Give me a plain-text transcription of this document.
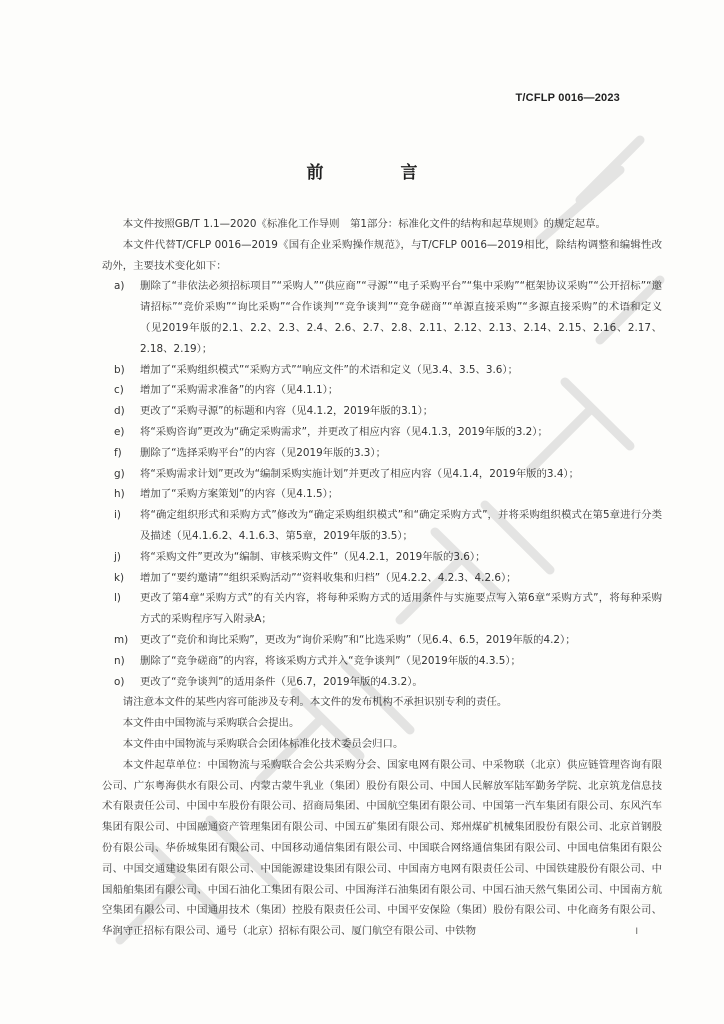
T/CFLP 0016—2023
前　言

本文件按照GB/T 1.1—2020《标准化工作导则　第1部分：标准化文件的结构和起草规则》的规定起草。

本文件代替T/CFLP 0016—2019《国有企业采购操作规范》，与T/CFLP 0016—2019相比，除结构调整和编辑性改动外，主要技术变化如下：

a)	删除了“非依法必须招标项目”“采购人”“供应商”“寻源”“电子采购平台”“集中采购”“框架协议采购”“公开招标”“邀请招标”“竞价采购”“询比采购”“合作谈判”“竞争谈判”“竞争磋商”“单源直接采购”“多源直接采购”的术语和定义（见2019年版的2.1、2.2、2.3、2.4、2.6、2.7、2.8、2.11、2.12、2.13、2.14、2.15、2.16、2.17、2.18、2.19）；
b)	增加了“采购组织模式”“采购方式”“响应文件”的术语和定义（见3.4、3.5、3.6）；
c)	增加了“采购需求准备”的内容（见4.1.1）；
d)	更改了“采购寻源”的标题和内容（见4.1.2，2019年版的3.1）；
e)	将“采购咨询”更改为“确定采购需求”，并更改了相应内容（见4.1.3，2019年版的3.2）；
f)	删除了“选择采购平台”的内容（见2019年版的3.3）；
g)	将“采购需求计划”更改为“编制采购实施计划”并更改了相应内容（见4.1.4，2019年版的3.4）；
h)	增加了“采购方案策划”的内容（见4.1.5）；
i)	将“确定组织形式和采购方式”修改为“确定采购组织模式”和“确定采购方式”，并将采购组织模式在第5章进行分类及描述（见4.1.6.2、4.1.6.3、第5章，2019年版的3.5）；
j)	将“采购文件”更改为“编制、审核采购文件”（见4.2.1，2019年版的3.6）；
k)	增加了“要约邀请”“组织采购活动”“资料收集和归档”（见4.2.2、4.2.3、4.2.6）；
l)	更改了第4章“采购方式”的有关内容，将每种采购方式的适用条件与实施要点写入第6章“采购方式”，将每种采购方式的采购程序写入附录A；
m)	更改了“竞价和询比采购”，更改为“询价采购”和“比选采购”（见6.4、6.5，2019年版的4.2）；
n)	删除了“竞争磋商”的内容，将该采购方式并入“竞争谈判”（见2019年版的4.3.5）；
o)	更改了“竞争谈判”的适用条件（见6.7，2019年版的4.3.2）。

请注意本文件的某些内容可能涉及专利。本文件的发布机构不承担识别专利的责任。

本文件由中国物流与采购联合会提出。

本文件由中国物流与采购联合会团体标准化技术委员会归口。

本文件起草单位：中国物流与采购联合会公共采购分会、国家电网有限公司、中采物联（北京）供应链管理咨询有限公司、广东粤海供水有限公司、内蒙古蒙牛乳业（集团）股份有限公司、中国人民解放军陆军勤务学院、北京筑龙信息技术有限责任公司、中国中车股份有限公司、招商局集团、中国航空集团有限公司、中国第一汽车集团有限公司、东风汽车集团有限公司、中国融通资产管理集团有限公司、中国五矿集团有限公司、郑州煤矿机械集团股份有限公司、北京首钢股份有限公司、华侨城集团有限公司、中国移动通信集团有限公司、中国联合网络通信集团有限公司、中国电信集团有限公司、中国交通建设集团有限公司、中国能源建设集团有限公司、中国南方电网有限责任公司、中国铁建股份有限公司、中国船舶集团有限公司、中国石油化工集团有限公司、中国海洋石油集团有限公司、中国石油天然气集团公司、中国南方航空集团有限公司、中国通用技术（集团）控股有限责任公司、中国平安保险（集团）股份有限公司、中化商务有限公司、华润守正招标有限公司、通号（北京）招标有限公司、厦门航空有限公司、中铁物	I
